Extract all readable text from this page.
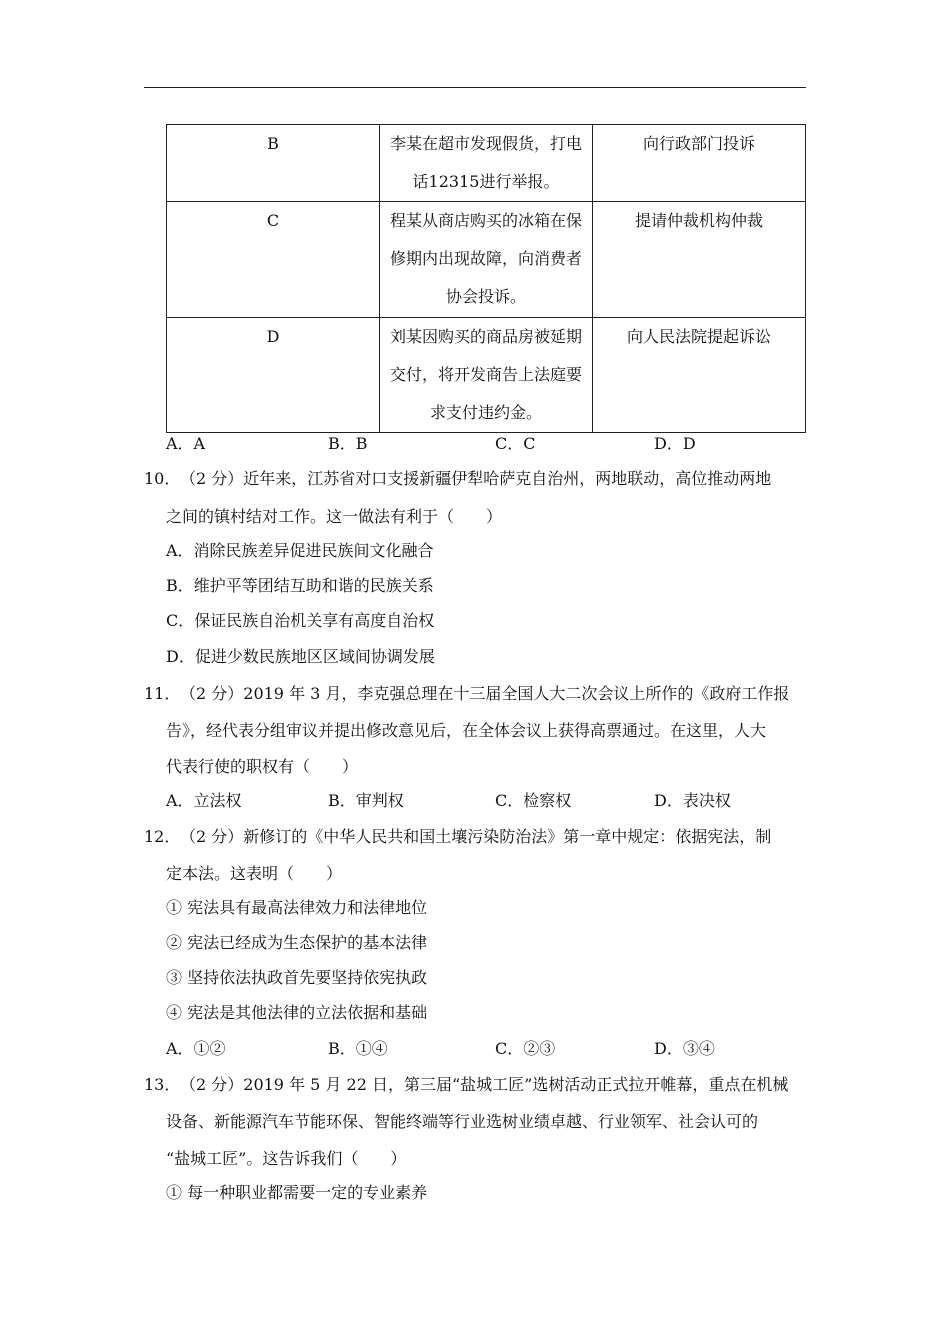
B	李某在超市发现假货，打电
话12315进行举报。	向行政部门投诉
C	程某从商店购买的冰箱在保
修期内出现故障，向消费者
协会投诉。	提请仲裁机构仲裁
D	刘某因购买的商品房被延期
交付，将开发商告上法庭要
求支付违约金。	向人民法院提起诉讼
A．A	B．B	C．C	D．D
10． （2 分）近年来，江苏省对口支援新疆伊犁哈萨克自治州，两地联动，高位推动两地
之间的镇村结对工作。这一做法有利于（　　）
A．消除民族差异促进民族间文化融合
B．维护平等团结互助和谐的民族关系
C．保证民族自治机关享有高度自治权
D．促进少数民族地区区域间协调发展
11． （2 分）2019 年 3 月，李克强总理在十三届全国人大二次会议上所作的《政府工作报
告》，经代表分组审议并提出修改意见后，在全体会议上获得高票通过。在这里，人大
代表行使的职权有（　　）
A．立法权	B．审判权	C．检察权	D．表决权
12． （2 分）新修订的《中华人民共和国土壤污染防治法》第一章中规定：依据宪法，制
定本法。这表明（　　）
① 宪法具有最高法律效力和法律地位
② 宪法已经成为生态保护的基本法律
③ 坚持依法执政首先要坚持依宪执政
④ 宪法是其他法律的立法依据和基础
A．①②	B．①④	C．②③	D．③④
13． （2 分）2019 年 5 月 22 日，第三届“盐城工匠”选树活动正式拉开帷幕，重点在机械
设备、新能源汽车节能环保、智能终端等行业选树业绩卓越、行业领军、社会认可的
“盐城工匠”。这告诉我们（　　）
① 每一种职业都需要一定的专业素养
